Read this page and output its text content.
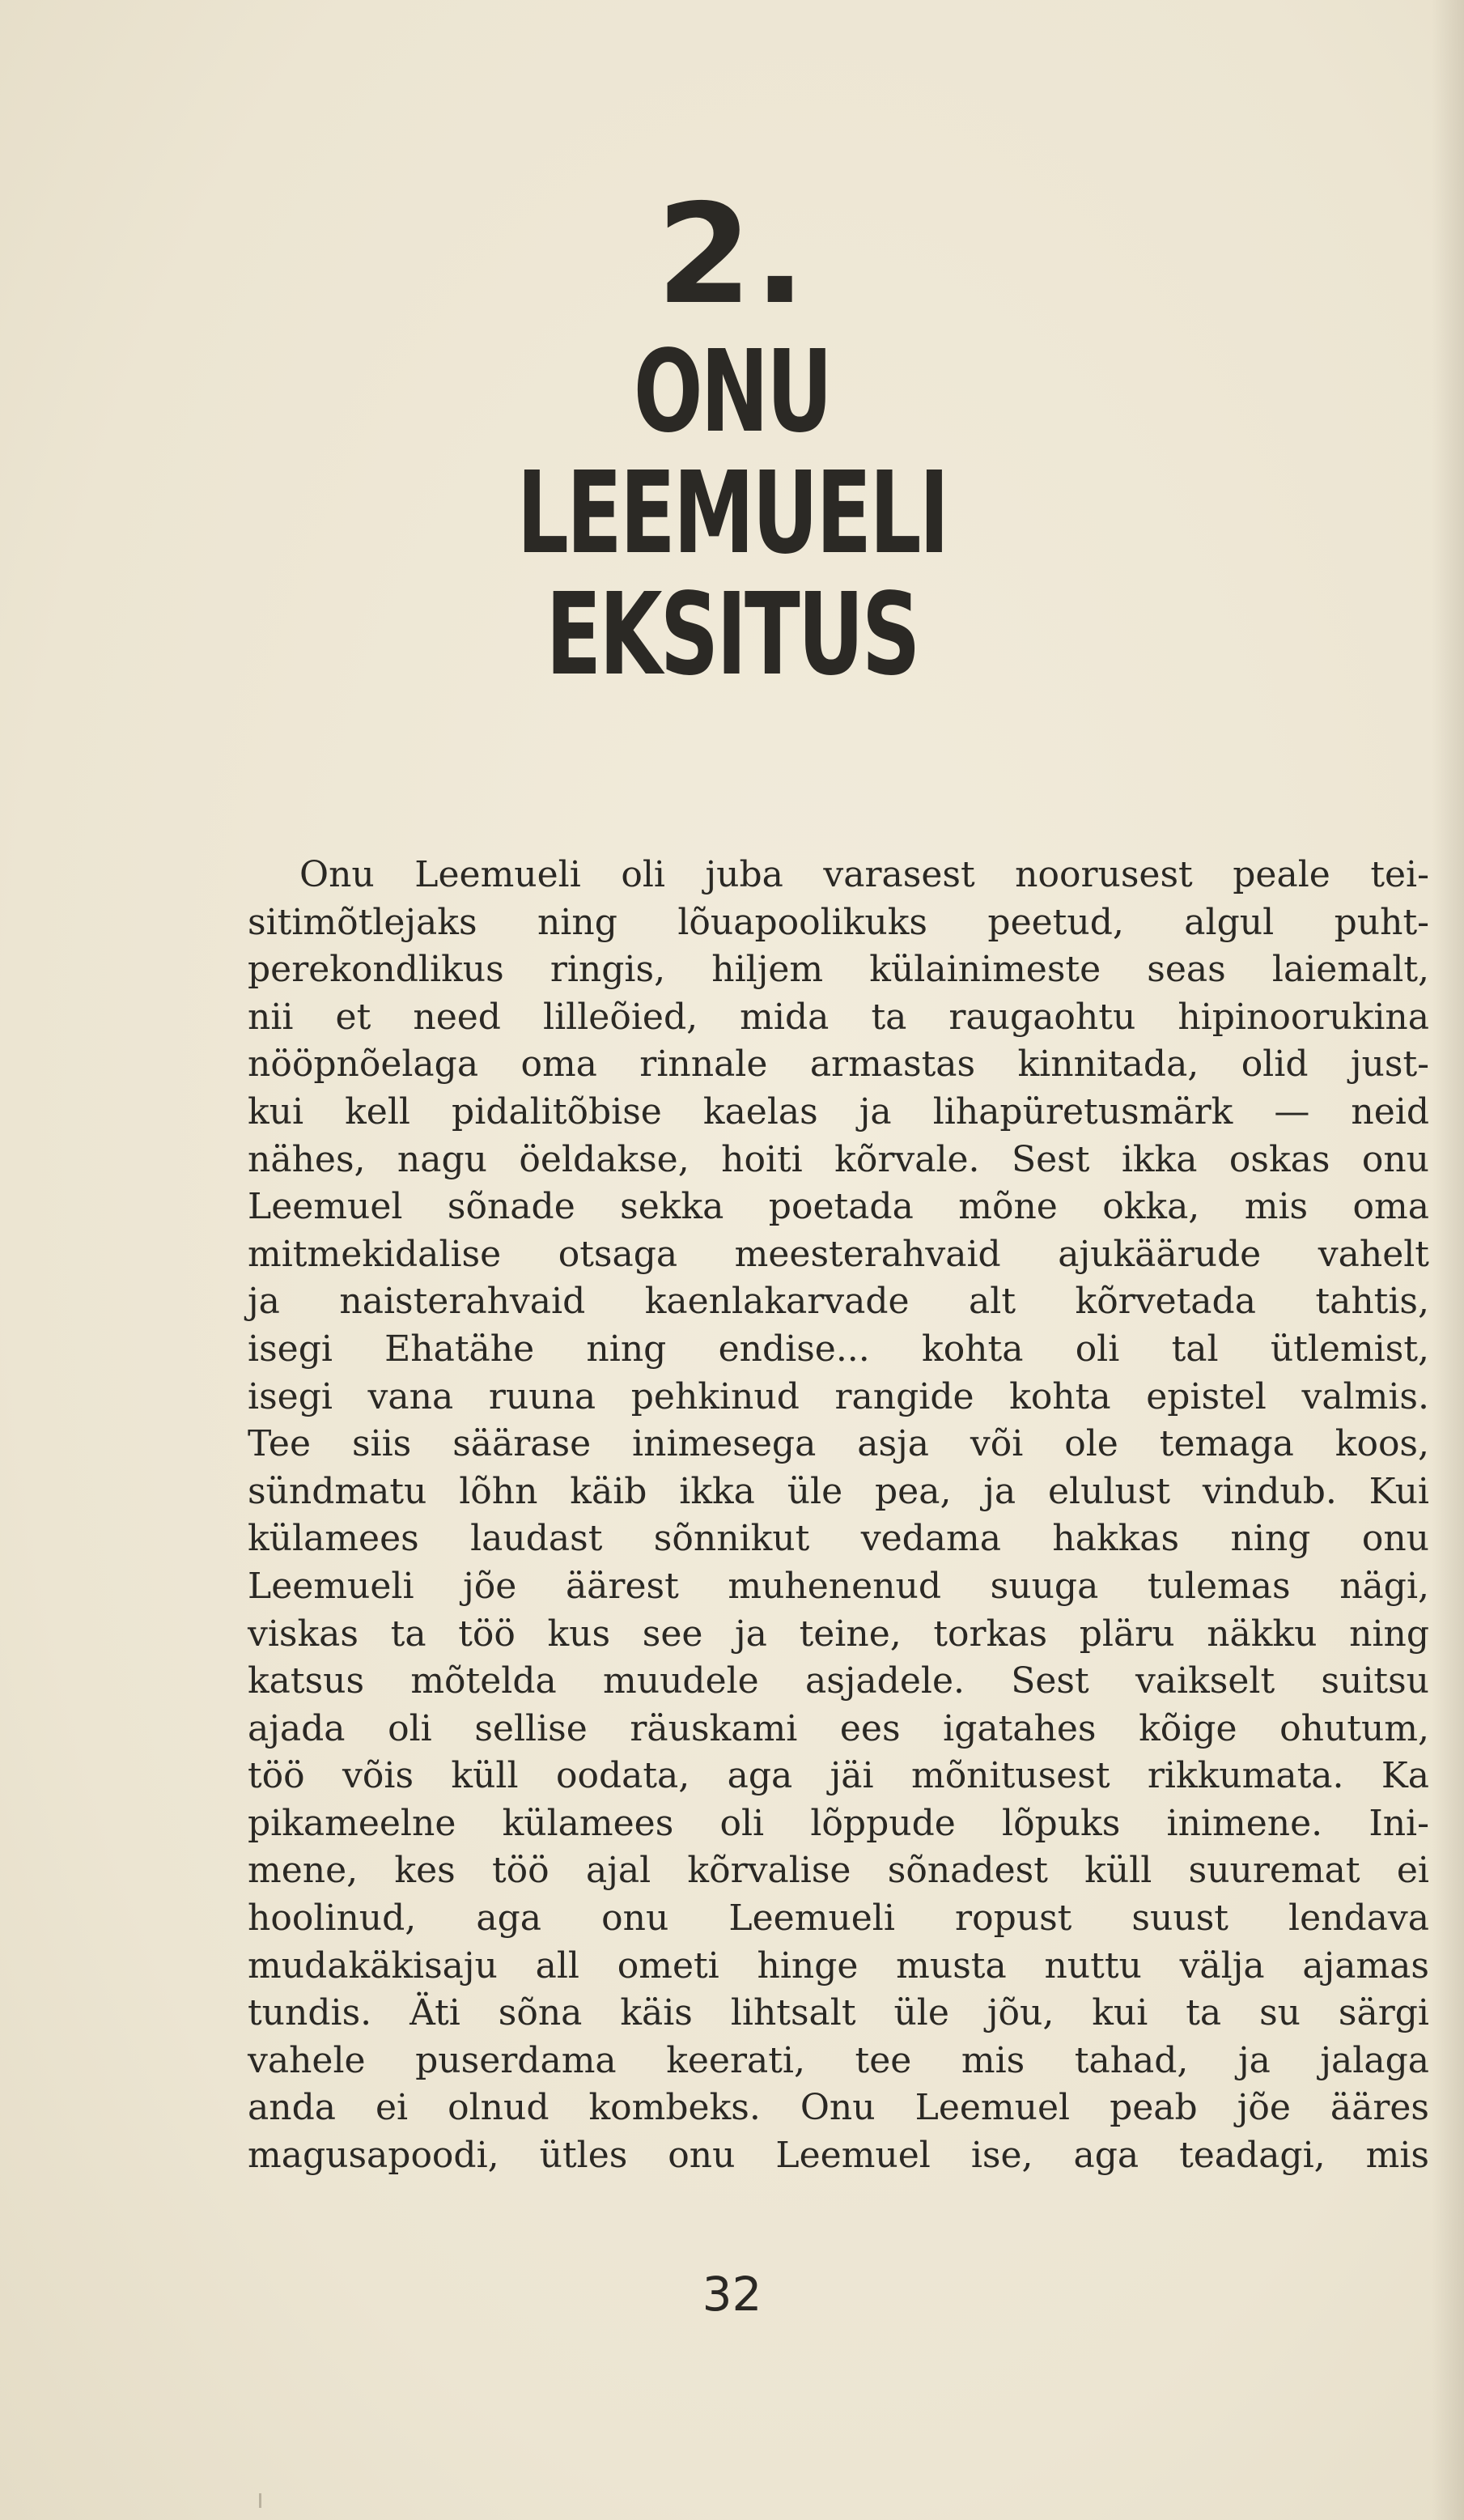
2.
ONU
LEEMUELI
EKSITUS
Onu Leemueli oli juba varasest noorusest peale tei-
sitimõtlejaks ning lõuapoolikuks peetud, algul puht-
perekondlikus ringis, hiljem külainimeste seas laiemalt,
nii et need lilleõied, mida ta raugaohtu hipinoorukina
nööpnõelaga oma rinnale armastas kinnitada, olid just-
kui kell pidalitõbise kaelas ja lihapüretusmärk — neid
nähes, nagu öeldakse, hoiti kõrvale. Sest ikka oskas onu
Leemuel sõnade sekka poetada mõne okka, mis oma
mitmekidalise otsaga meesterahvaid ajukäärude vahelt
ja naisterahvaid kaenlakarvade alt kõrvetada tahtis,
isegi Ehatähe ning endise... kohta oli tal ütlemist,
isegi vana ruuna pehkinud rangide kohta epistel valmis.
Tee siis säärase inimesega asja või ole temaga koos,
sündmatu lõhn käib ikka üle pea, ja elulust vindub. Kui
külamees laudast sõnnikut vedama hakkas ning onu
Leemueli jõe äärest muhenenud suuga tulemas nägi,
viskas ta töö kus see ja teine, torkas pläru näkku ning
katsus mõtelda muudele asjadele. Sest vaikselt suitsu
ajada oli sellise räuskami ees igatahes kõige ohutum,
töö võis küll oodata, aga jäi mõnitusest rikkumata. Ka
pikameelne külamees oli lõppude lõpuks inimene. Ini-
mene, kes töö ajal kõrvalise sõnadest küll suuremat ei
hoolinud, aga onu Leemueli ropust suust lendava
mudakäkisaju all ometi hinge musta nuttu välja ajamas
tundis. Äti sõna käis lihtsalt üle jõu, kui ta su särgi
vahele puserdama keerati, tee mis tahad, ja jalaga
anda ei olnud kombeks. Onu Leemuel peab jõe ääres
magusapoodi, ütles onu Leemuel ise, aga teadagi, mis
32
